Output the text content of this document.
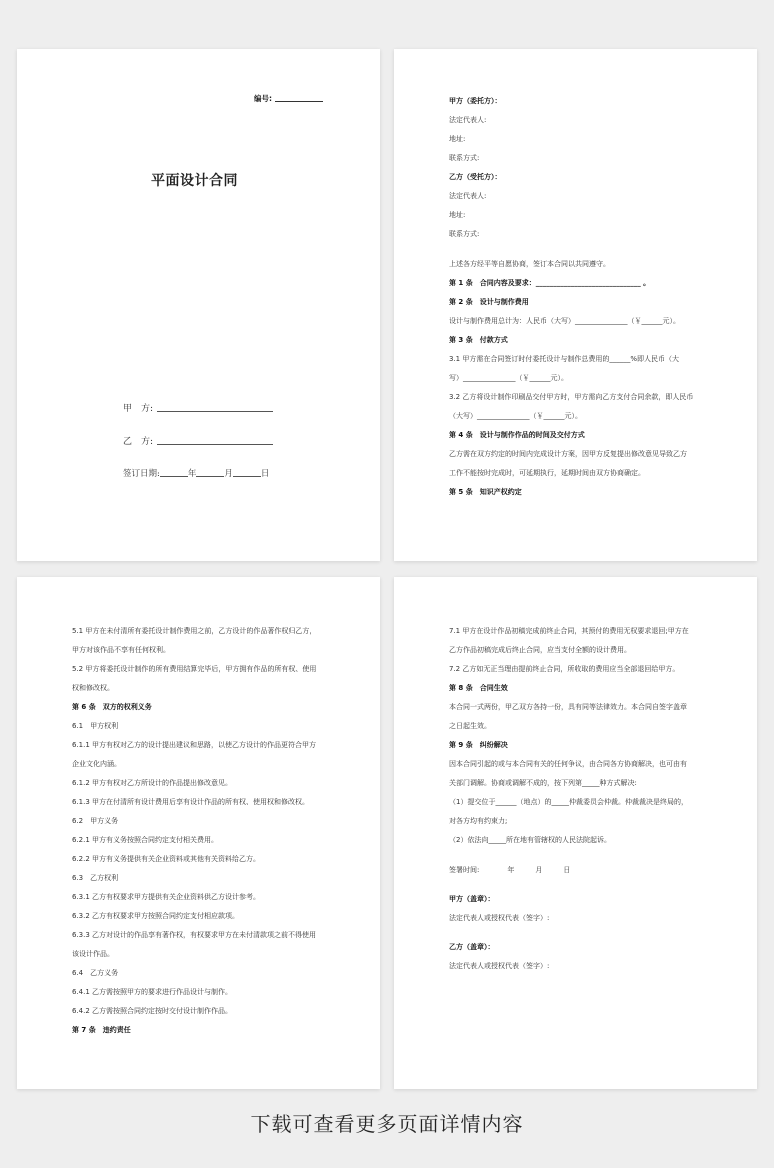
编号:
平面设计合同
甲　方:
乙　方:
签订日期:	年	月	日
甲方（委托方）：
法定代表人:
地址:
联系方式:
乙方（受托方）：
法定代表人:
地址:
联系方式:
上述各方经平等自愿协商，签订本合同以共同遵守。
第 1 条　合同内容及要求：______________________________ 。
第 2 条　设计与制作费用
设计与制作费用总计为：人民币（大写）_______________（￥______元）。
第 3 条　付款方式
3.1 甲方需在合同签订时付委托设计与制作总费用的______%即人民币（大
写）_______________（￥______元）。
3.2 乙方将设计制作印刷品交付甲方时，甲方需向乙方支付合同余款，即人民币
（大写）_______________（￥______元）。
第 4 条　设计与制作作品的时间及交付方式
乙方需在双方约定的时间内完成设计方案，因甲方反复提出修改意见导致乙方
工作不能按时完成时，可延期执行，延期时间由双方协商确定。
第 5 条　知识产权约定
5.1 甲方在未付清所有委托设计制作费用之前，乙方设计的作品著作权归乙方，
甲方对该作品不享有任何权利。
5.2 甲方将委托设计制作的所有费用结算完毕后，甲方拥有作品的所有权、使用
权和修改权。
第 6 条　双方的权利义务
6.1　甲方权利
6.1.1 甲方有权对乙方的设计提出建议和思路，以使乙方设计的作品更符合甲方
企业文化内涵。
6.1.2 甲方有权对乙方所设计的作品提出修改意见。
6.1.3 甲方在付清所有设计费用后享有设计作品的所有权、使用权和修改权。
6.2　甲方义务
6.2.1 甲方有义务按照合同约定支付相关费用。
6.2.2 甲方有义务提供有关企业资料或其他有关资料给乙方。
6.3　乙方权利
6.3.1 乙方有权要求甲方提供有关企业资料供乙方设计参考。
6.3.2 乙方有权要求甲方按照合同约定支付相应款项。
6.3.3 乙方对设计的作品享有著作权，有权要求甲方在未付清款项之前不得使用
该设计作品。
6.4　乙方义务
6.4.1 乙方需按照甲方的要求进行作品设计与制作。
6.4.2 乙方需按照合同约定按时交付设计制作作品。
第 7 条　违约责任
7.1 甲方在设计作品初稿完成前终止合同，其预付的费用无权要求退回;甲方在
乙方作品初稿完成后终止合同，应当支付全额的设计费用。
7.2 乙方如无正当理由提前终止合同，所收取的费用应当全部退回给甲方。
第 8 条　合同生效
本合同一式两份，甲乙双方各持一份，具有同等法律效力。本合同自签字盖章
之日起生效。
第 9 条　纠纷解决
因本合同引起的或与本合同有关的任何争议，由合同各方协商解决，也可由有
关部门调解。协商或调解不成的，按下列第_____种方式解决:
（1）提交位于______（地点）的_____仲裁委员会仲裁。仲裁裁决是终局的，
对各方均有约束力;
（2）依法向_____所在地有管辖权的人民法院起诉。
签署时间:　　　　年　　　月　　　日
甲方（盖章）：
法定代表人或授权代表（签字）:
乙方（盖章）：
法定代表人或授权代表（签字）:
下载可查看更多页面详情内容
